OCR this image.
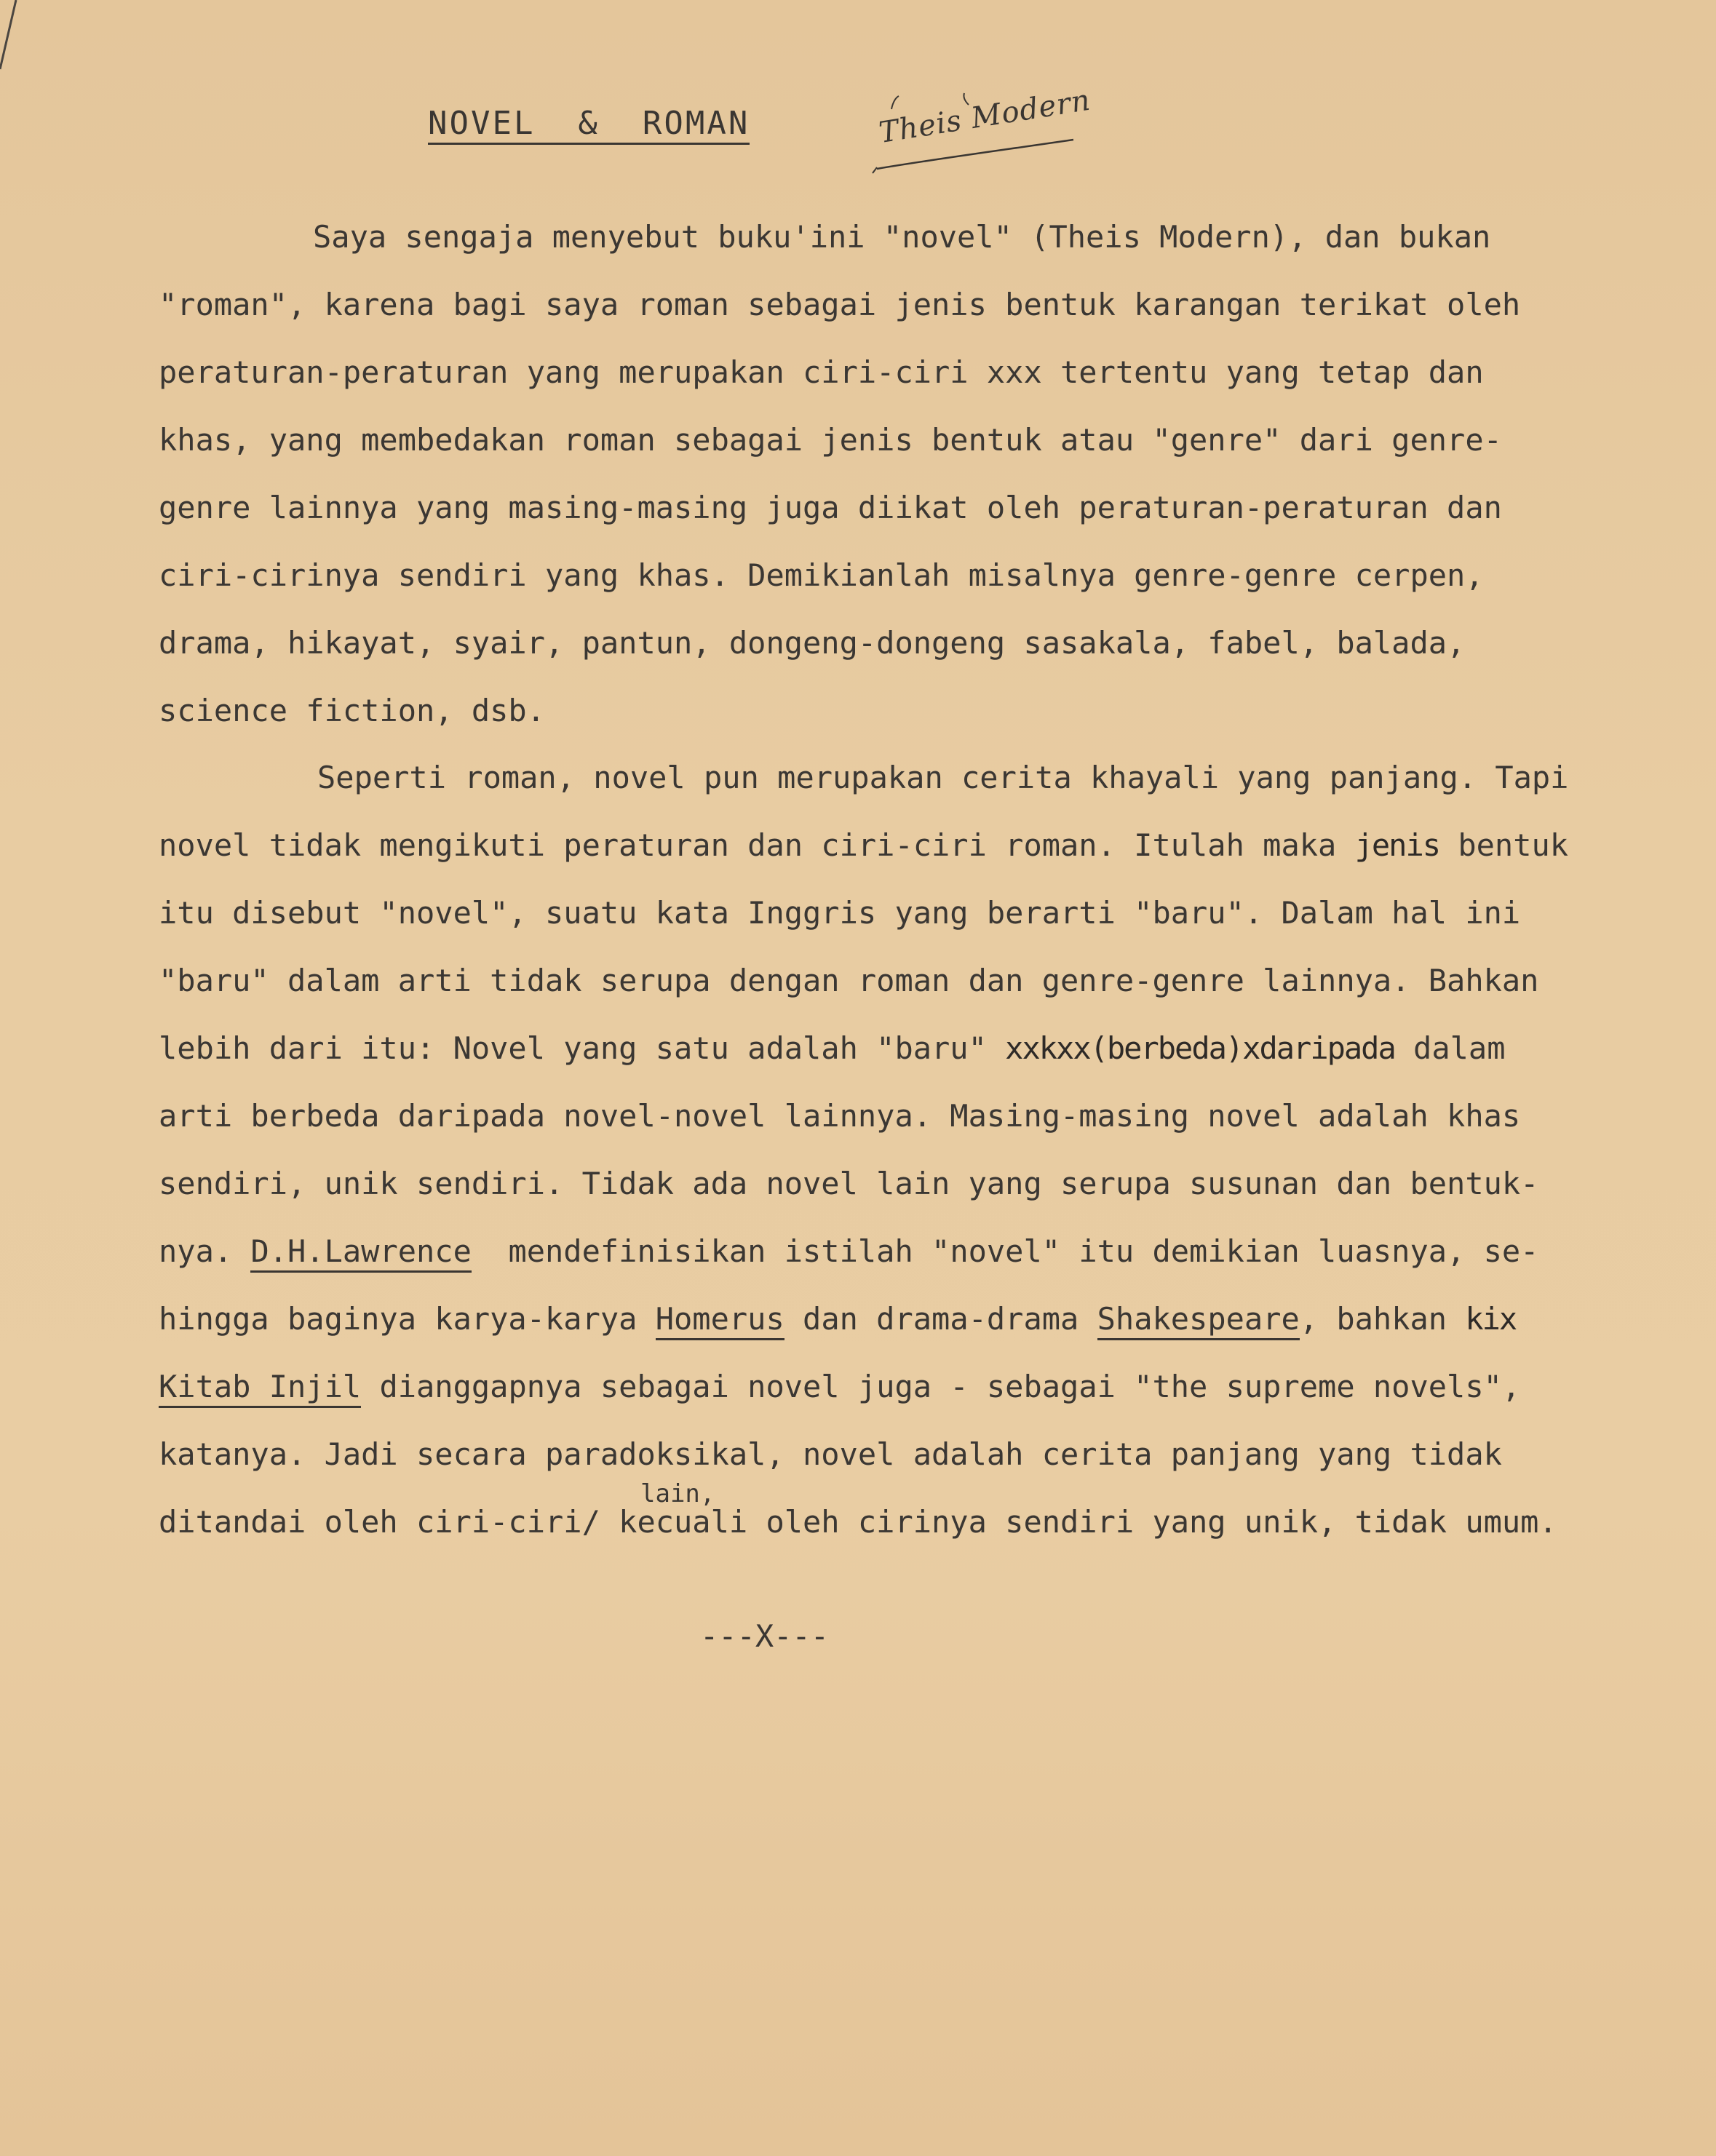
NOVEL  &  ROMAN	Theis Modern
Saya sengaja menyebut buku'ini "novel" (Theis Modern), dan bukan
"roman", karena bagi saya roman sebagai jenis bentuk karangan terikat oleh
peraturan-peraturan yang merupakan ciri-ciri xxx tertentu yang tetap dan
khas, yang membedakan roman sebagai jenis bentuk atau "genre" dari genre-
genre lainnya yang masing-masing juga diikat oleh peraturan-peraturan dan
ciri-cirinya sendiri yang khas. Demikianlah misalnya genre-genre cerpen,
drama, hikayat, syair, pantun, dongeng-dongeng sasakala, fabel, balada,
science fiction, dsb.
Seperti roman, novel pun merupakan cerita khayali yang panjang. Tapi
novel tidak mengikuti peraturan dan ciri-ciri roman. Itulah maka jenis bentuk
itu disebut "novel", suatu kata Inggris yang berarti "baru". Dalam hal ini
"baru" dalam arti tidak serupa dengan roman dan genre-genre lainnya. Bahkan
lebih dari itu: Novel yang satu adalah "baru" xxkxx(berbeda)xdaripada dalam
arti berbeda daripada novel-novel lainnya. Masing-masing novel adalah khas
sendiri, unik sendiri. Tidak ada novel lain yang serupa susunan dan bentuk-
nya. D.H.Lawrence  mendefinisikan istilah "novel" itu demikian luasnya, se-
hingga baginya karya-karya Homerus dan drama-drama Shakespeare, bahkan kix
Kitab Injil dianggapnya sebagai novel juga - sebagai "the supreme novels",
katanya. Jadi secara paradoksikal, novel adalah cerita panjang yang tidak
lain,
ditandai oleh ciri-ciri/ kecuali oleh cirinya sendiri yang unik, tidak umum.
---X---
